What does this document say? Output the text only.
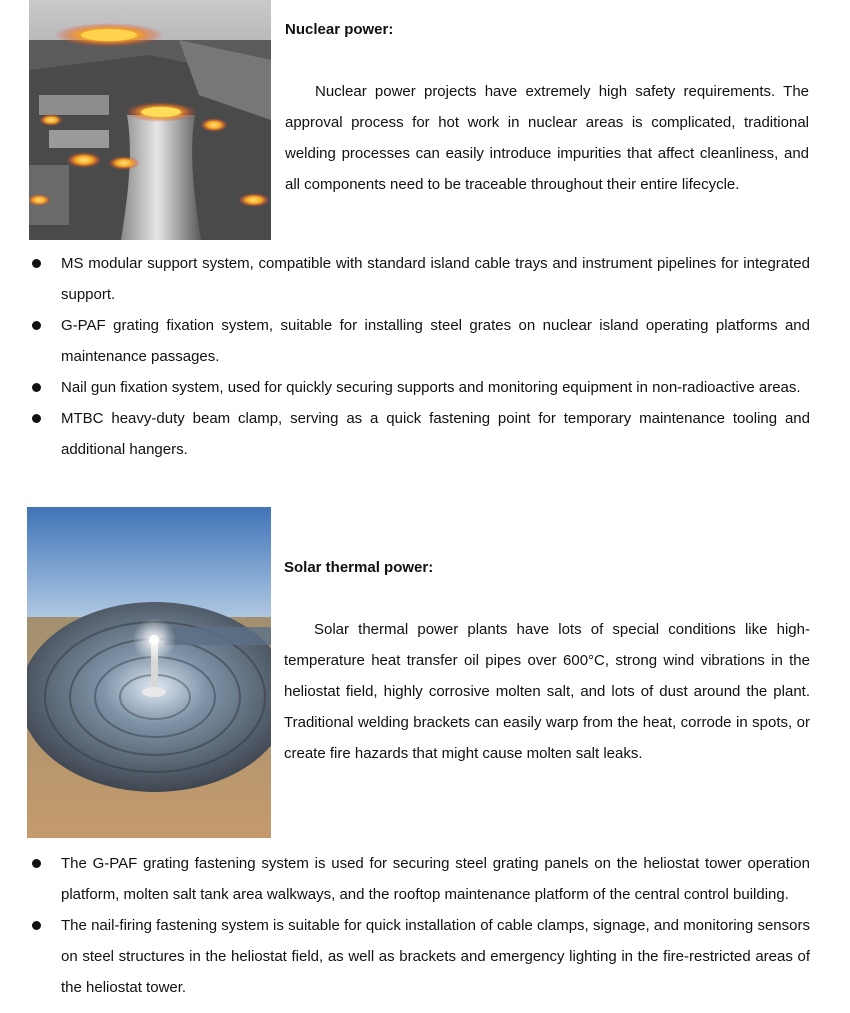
Nuclear power:

Nuclear power projects have extremely high safety requirements. The approval process for hot work in nuclear areas is complicated, traditional welding processes can easily introduce impurities that affect cleanliness, and all components need to be traceable throughout their entire lifecycle.

MS modular support system, compatible with standard island cable trays and instrument pipelines for integrated support.
G-PAF grating fixation system, suitable for installing steel grates on nuclear island operating platforms and maintenance passages.
Nail gun fixation system, used for quickly securing supports and monitoring equipment in non-radioactive areas.
MTBC heavy-duty beam clamp, serving as a quick fastening point for temporary maintenance tooling and additional hangers.

Solar thermal power:

Solar thermal power plants have lots of special conditions like high-temperature heat transfer oil pipes over 600°C, strong wind vibrations in the heliostat field, highly corrosive molten salt, and lots of dust around the plant. Traditional welding brackets can easily warp from the heat, corrode in spots, or create fire hazards that might cause molten salt leaks.

The G-PAF grating fastening system is used for securing steel grating panels on the heliostat tower operation platform, molten salt tank area walkways, and the rooftop maintenance platform of the central control building.
The nail-firing fastening system is suitable for quick installation of cable clamps, signage, and monitoring sensors on steel structures in the heliostat field, as well as brackets and emergency lighting in the fire-restricted areas of the heliostat tower.
